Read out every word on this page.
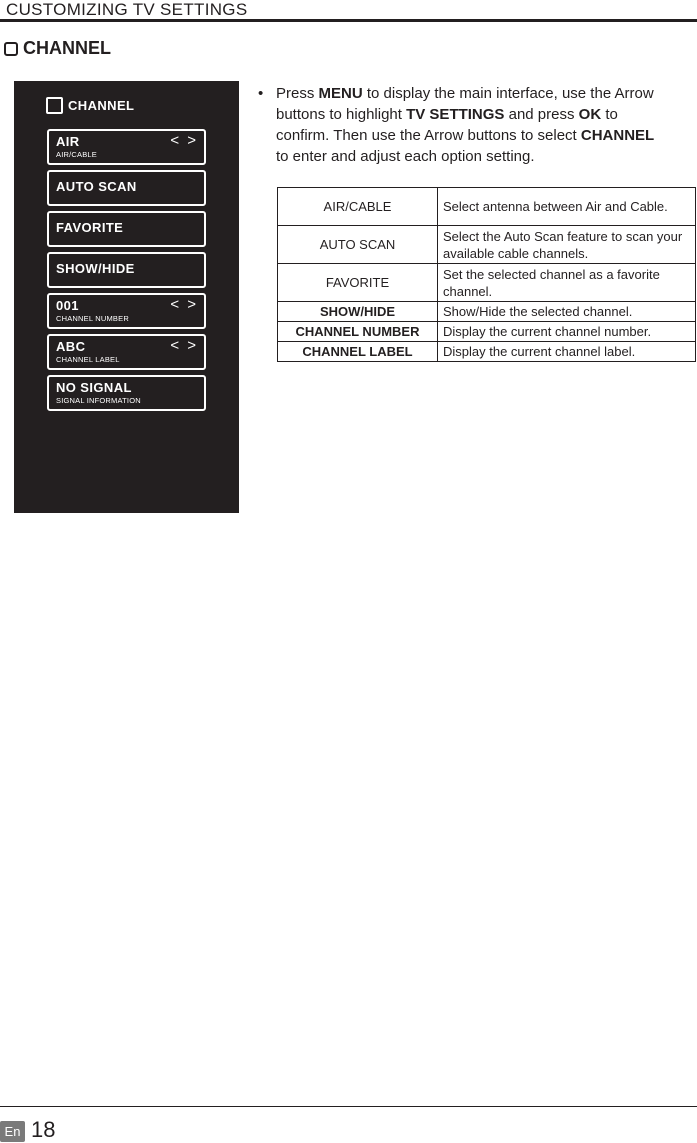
CUSTOMIZING TV SETTINGS
CHANNEL
CHANNEL
AIR
AIR/CABLE
< >
AUTO SCAN
FAVORITE
SHOW/HIDE
001
CHANNEL NUMBER
< >
ABC
CHANNEL LABEL
< >
NO SIGNAL
SIGNAL INFORMATION
• Press MENU to display the main interface, use the Arrow buttons to highlight TV SETTINGS and press OK to confirm. Then use the Arrow buttons to select CHANNEL to enter and adjust each option setting.
AIR/CABLE	Select antenna between Air and Cable.
AUTO SCAN	Select the Auto Scan feature to scan your available cable channels.
FAVORITE	Set the selected channel as a favorite channel.
SHOW/HIDE	Show/Hide the selected channel.
CHANNEL NUMBER	Display the current channel number.
CHANNEL LABEL	Display the current channel label.
En 18
